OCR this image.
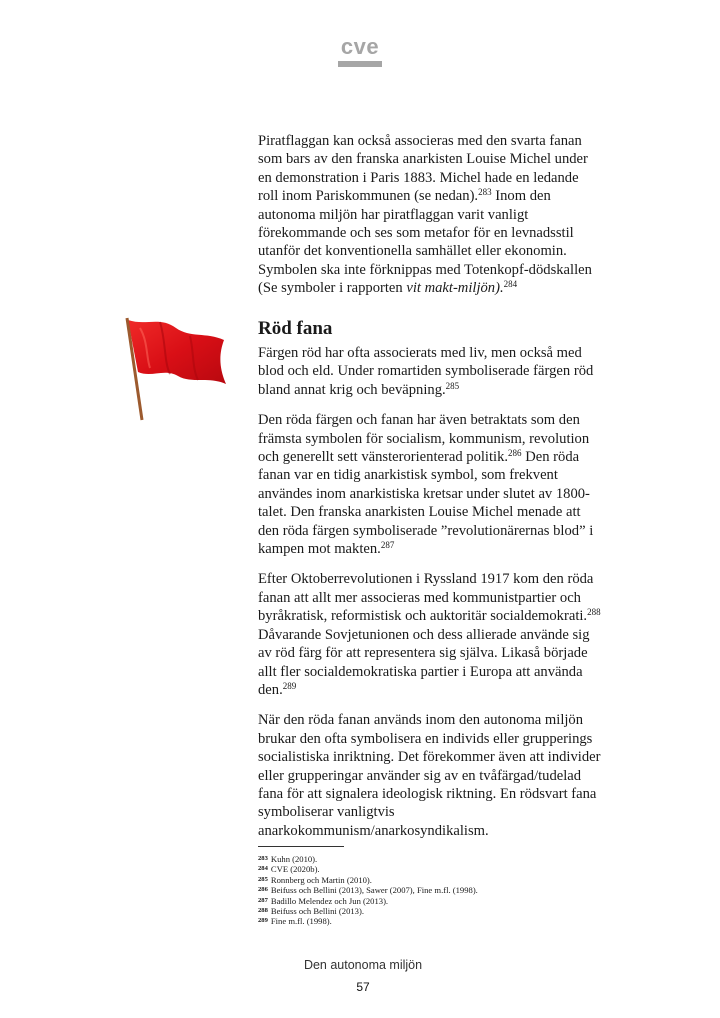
cve

Piratflaggan kan också associeras med den svarta fanan som bars av den franska anarkisten Louise Michel under en demonstration i Paris 1883. Michel hade en ledande roll inom Pariskommunen (se nedan).$^{283}$ Inom den autonoma miljön har piratflaggan varit vanligt förekommande och ses som metafor för en levnadsstil utanför det konventionella samhället eller ekonomin. Symbolen ska inte förknippas med Totenkopf-dödskallen (Se symboler i rapporten vit makt-miljön).$^{284}$

Röd fana

Färgen röd har ofta associerats med liv, men också med blod och eld. Under romartiden symboliserade färgen röd bland annat krig och beväpning.$^{285}$

Den röda färgen och fanan har även betraktats som den främsta symbolen för socialism, kommunism, revolution och generellt sett vänsterorienterad politik.$^{286}$ Den röda fanan var en tidig anarkistisk symbol, som frekvent användes inom anarkistiska kretsar under slutet av 1800-talet. Den franska anarkisten Louise Michel menade att den röda färgen symboliserade ”revolutionärernas blod” i kampen mot makten.$^{287}$

Efter Oktoberrevolutionen i Ryssland 1917 kom den röda fanan att allt mer associeras med kommunistpartier och byråkratisk, reformistisk och auktoritär socialdemokrati.$^{288}$ Dåvarande Sovjetunionen och dess allierade använde sig av röd färg för att representera sig själva. Likaså började allt fler socialdemokratiska partier i Europa att använda den.$^{289}$

När den röda fanan används inom den autonoma miljön brukar den ofta symbolisera en individs eller grupperings socialistiska inriktning. Det förekommer även att individer eller grupperingar använder sig av en tvåfärgad/tudelad fana för att signalera ideologisk riktning. En rödsvart fana symboliserar vanligtvis anarkokommunism/anarkosyndikalism.

$^{283}$ Kuhn (2010).
$^{284}$ CVE (2020b).
$^{285}$ Ronnberg och Martin (2010).
$^{286}$ Beifuss och Bellini (2013), Sawer (2007), Fine m.fl. (1998).
$^{287}$ Badillo Melendez och Jun (2013).
$^{288}$ Beifuss och Bellini (2013).
$^{289}$ Fine m.fl. (1998).
Den autonoma miljön
57
